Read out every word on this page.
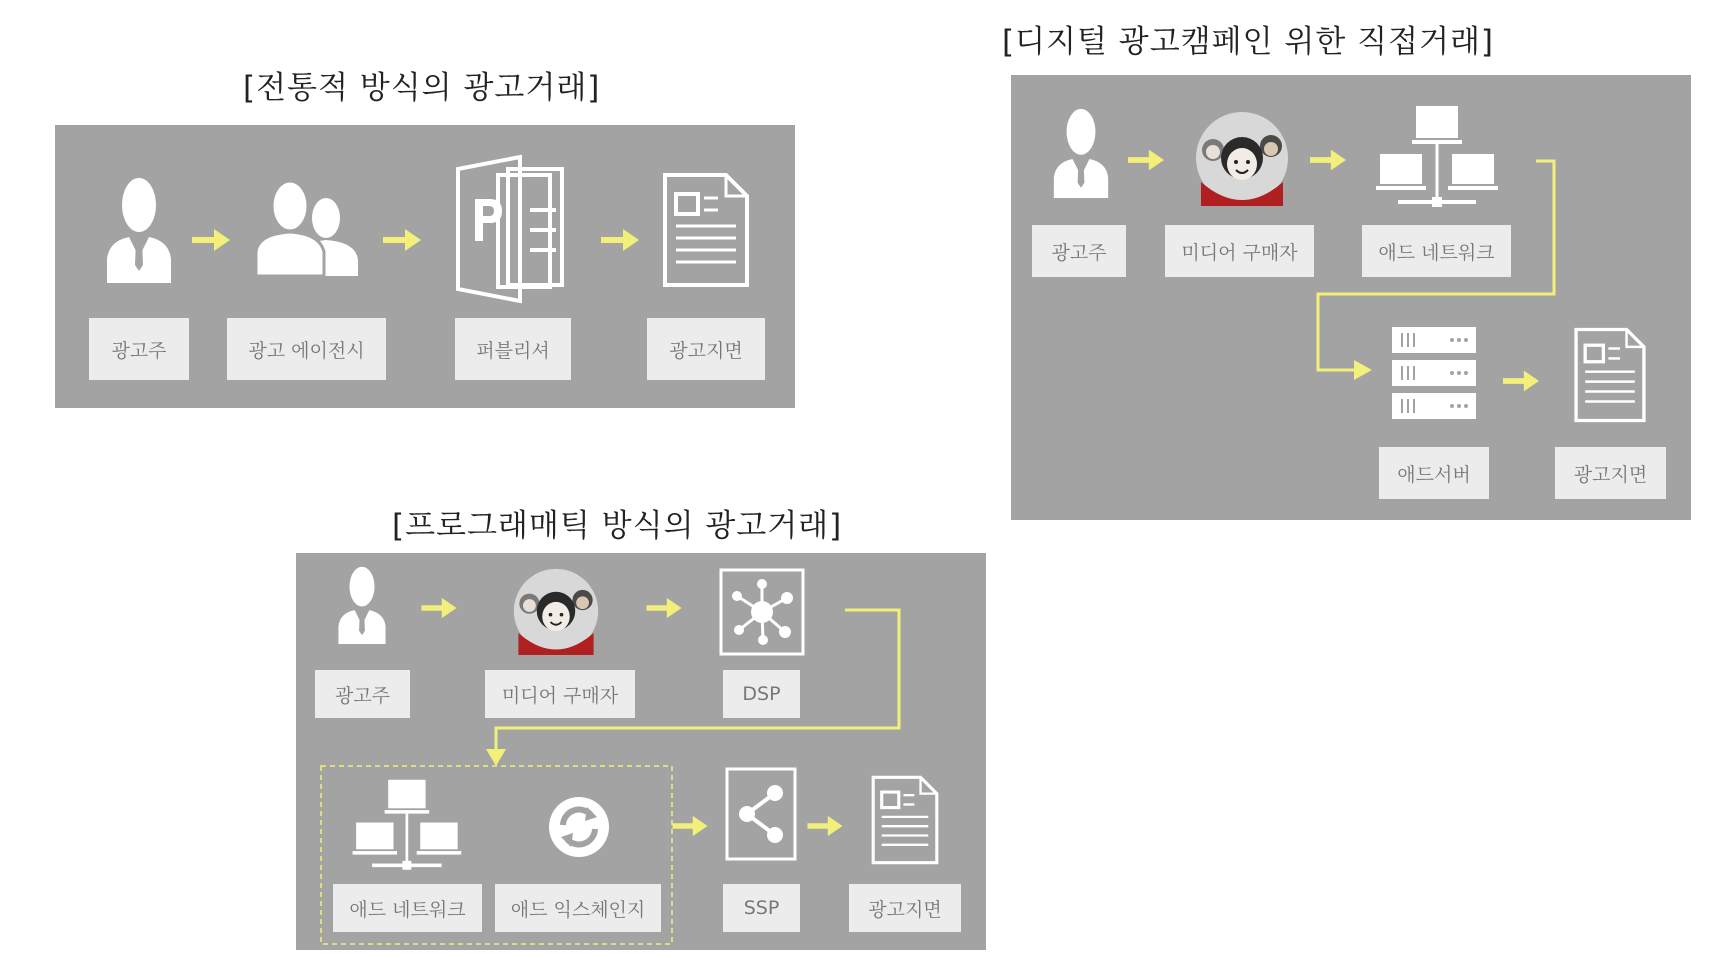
[전통적 방식의 광고거래]
[디지털 광고캠페인 위한 직접거래]
[프로그래매틱 방식의 광고거래]
광고주	광고 에이전시	퍼블리셔	광고지면
광고주	미디어 구매자	애드 네트워크
애드서버	광고지면
광고주	미디어 구매자	DSP
애드 네트워크	애드 익스체인지	SSP	광고지면
